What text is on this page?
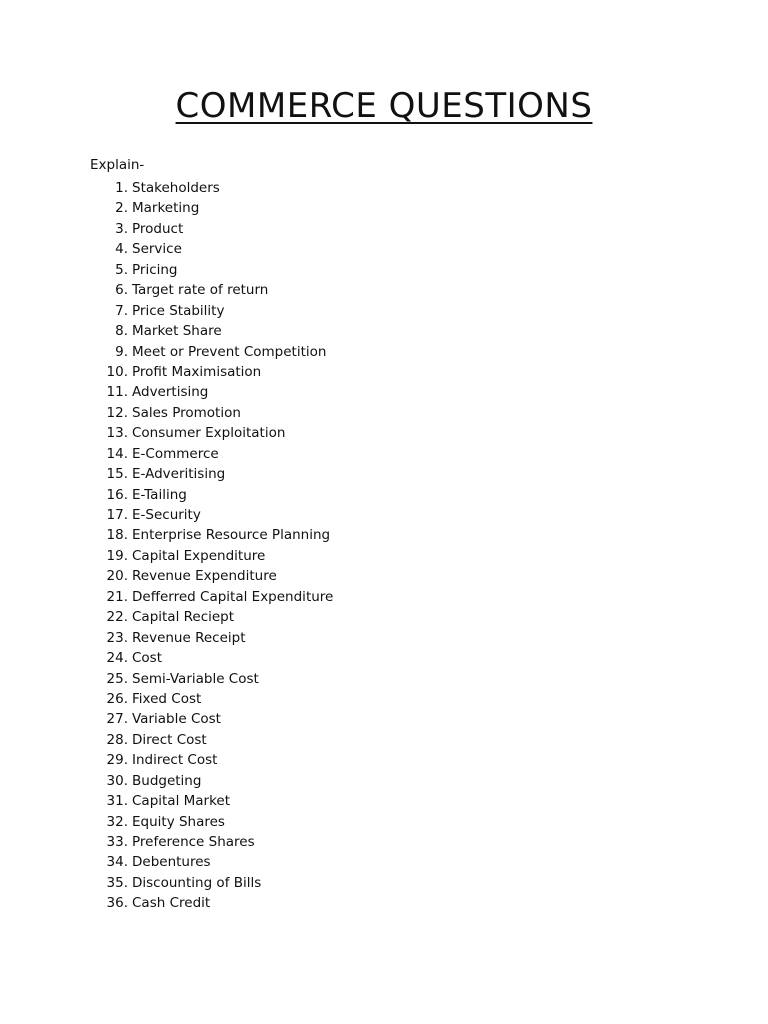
COMMERCE QUESTIONS

Explain-

1. Stakeholders
2. Marketing
3. Product
4. Service
5. Pricing
6. Target rate of return
7. Price Stability
8. Market Share
9. Meet or Prevent Competition
10. Profit Maximisation
11. Advertising
12. Sales Promotion
13. Consumer Exploitation
14. E-Commerce
15. E-Adveritising
16. E-Tailing
17. E-Security
18. Enterprise Resource Planning
19. Capital Expenditure
20. Revenue Expenditure
21. Defferred Capital Expenditure
22. Capital Reciept
23. Revenue Receipt
24. Cost
25. Semi-Variable Cost
26. Fixed Cost
27. Variable Cost
28. Direct Cost
29. Indirect Cost
30. Budgeting
31. Capital Market
32. Equity Shares
33. Preference Shares
34. Debentures
35. Discounting of Bills
36. Cash Credit
